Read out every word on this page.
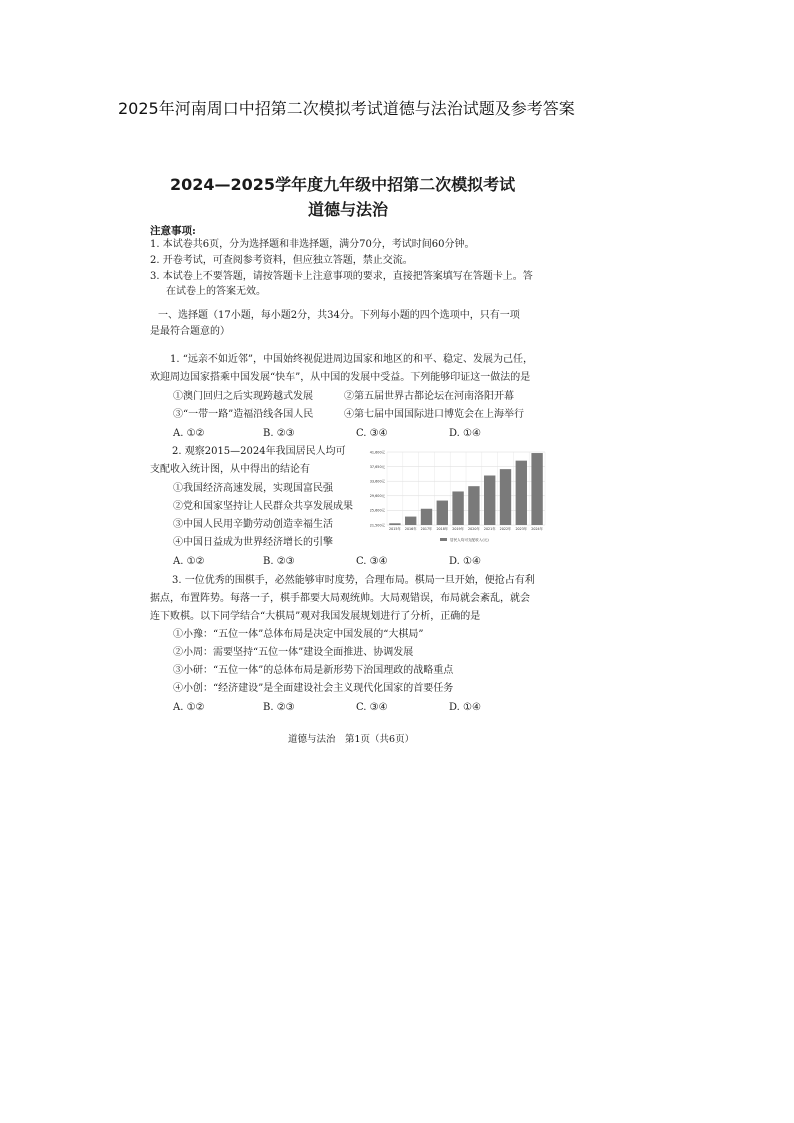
2025年河南周口中招第二次模拟考试道德与法治试题及参考答案
2024—2025学年度九年级中招第二次模拟考试
道德与法治
注意事项:
1. 本试卷共6页，分为选择题和非选择题，满分70分，考试时间60分钟。
2. 开卷考试，可查阅参考资料，但应独立答题，禁止交流。
3. 本试卷上不要答题，请按答题卡上注意事项的要求，直接把答案填写在答题卡上。答
在试卷上的答案无效。
一、选择题（17小题，每小题2分，共34分。下列每小题的四个选项中，只有一项
是最符合题意的）
1. “远亲不如近邻”，中国始终视促进周边国家和地区的和平、稳定、发展为己任，
欢迎周边国家搭乘中国发展“快车”，从中国的发展中受益。下列能够印证这一做法的是
①澳门回归之后实现跨越式发展	②第五届世界古都论坛在河南洛阳开幕
③“一带一路”造福沿线各国人民	④第七届中国国际进口博览会在上海举行
A. ①②	B. ②③	C. ③④	D. ①④
2. 观察2015—2024年我国居民人均可
支配收入统计图，从中得出的结论有
①我国经济高速发展，实现国富民强
②党和国家坚持让人民群众共享发展成果
③中国人民用辛勤劳动创造幸福生活
④中国日益成为世界经济增长的引擎
A. ①②	B. ②③	C. ③④	D. ①④
41,600元
37,650元
33,600元
29,600元
25,600元
21,500元
2015年 2016年 2017年 2018年 2019年 2020年 2021年 2022年 2023年 2024年
居民人均可支配收入(元)
3. 一位优秀的围棋手，必然能够审时度势，合理布局。棋局一旦开始，便抢占有利
据点，布置阵势。每落一子，棋手都要大局观统帅。大局观错误，布局就会紊乱，就会
连下败棋。以下同学结合“大棋局”观对我国发展规划进行了分析，正确的是
①小豫：“五位一体”总体布局是决定中国发展的“大棋局”
②小周：需要坚持“五位一体”建设全面推进、协调发展
③小研：“五位一体”的总体布局是新形势下治国理政的战略重点
④小创：“经济建设”是全面建设社会主义现代化国家的首要任务
A. ①②	B. ②③	C. ③④	D. ①④
道德与法治　第1页（共6页）
